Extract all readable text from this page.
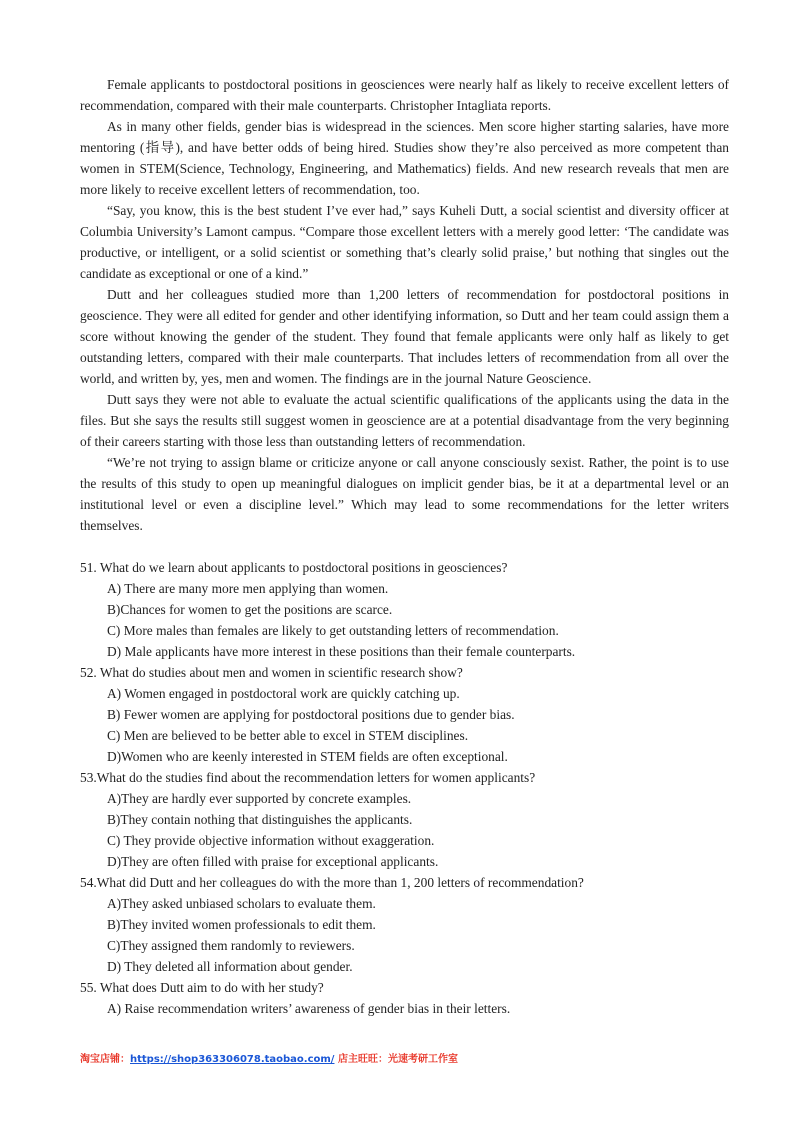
Female applicants to postdoctoral positions in geosciences were nearly half as likely to receive excellent letters of recommendation, compared with their male counterparts. Christopher Intagliata reports.

As in many other fields, gender bias is widespread in the sciences. Men score higher starting salaries, have more mentoring (指导), and have better odds of being hired. Studies show they’re also perceived as more competent than women in STEM(Science, Technology, Engineering, and Mathematics) fields. And new research reveals that men are more likely to receive excellent letters of recommendation, too.

“Say, you know, this is the best student I’ve ever had,” says Kuheli Dutt, a social scientist and diversity officer at Columbia University’s Lamont campus. “Compare those excellent letters with a merely good letter: ‘The candidate was productive, or intelligent, or a solid scientist or something that’s clearly solid praise,’ but nothing that singles out the candidate as exceptional or one of a kind.”

Dutt and her colleagues studied more than 1,200 letters of recommendation for postdoctoral positions in geoscience. They were all edited for gender and other identifying information, so Dutt and her team could assign them a score without knowing the gender of the student. They found that female applicants were only half as likely to get outstanding letters, compared with their male counterparts. That includes letters of recommendation from all over the world, and written by, yes, men and women. The findings are in the journal Nature Geoscience.

Dutt says they were not able to evaluate the actual scientific qualifications of the applicants using the data in the files. But she says the results still suggest women in geoscience are at a potential disadvantage from the very beginning of their careers starting with those less than outstanding letters of recommendation.

“We’re not trying to assign blame or criticize anyone or call anyone consciously sexist. Rather, the point is to use the results of this study to open up meaningful dialogues on implicit gender bias, be it at a departmental level or an institutional level or even a discipline level.” Which may lead to some recommendations for the letter writers themselves.

51. What do we learn about applicants to postdoctoral positions in geosciences?
A) There are many more men applying than women.
B)Chances for women to get the positions are scarce.
C) More males than females are likely to get outstanding letters of recommendation.
D) Male applicants have more interest in these positions than their female counterparts.
52. What do studies about men and women in scientific research show?
A) Women engaged in postdoctoral work are quickly catching up.
B) Fewer women are applying for postdoctoral positions due to gender bias.
C) Men are believed to be better able to excel in STEM disciplines.
D)Women who are keenly interested in STEM fields are often exceptional.
53.What do the studies find about the recommendation letters for women applicants?
A)They are hardly ever supported by concrete examples.
B)They contain nothing that distinguishes the applicants.
C) They provide objective information without exaggeration.
D)They are often filled with praise for exceptional applicants.
54.What did Dutt and her colleagues do with the more than 1, 200 letters of recommendation?
A)They asked unbiased scholars to evaluate them.
B)They invited women professionals to edit them.
C)They assigned them randomly to reviewers.
D) They deleted all information about gender.
55. What does Dutt aim to do with her study?
A) Raise recommendation writers’ awareness of gender bias in their letters.
淘宝店铺：https://shop363306078.taobao.com/ 店主旺旺：光速考研工作室
